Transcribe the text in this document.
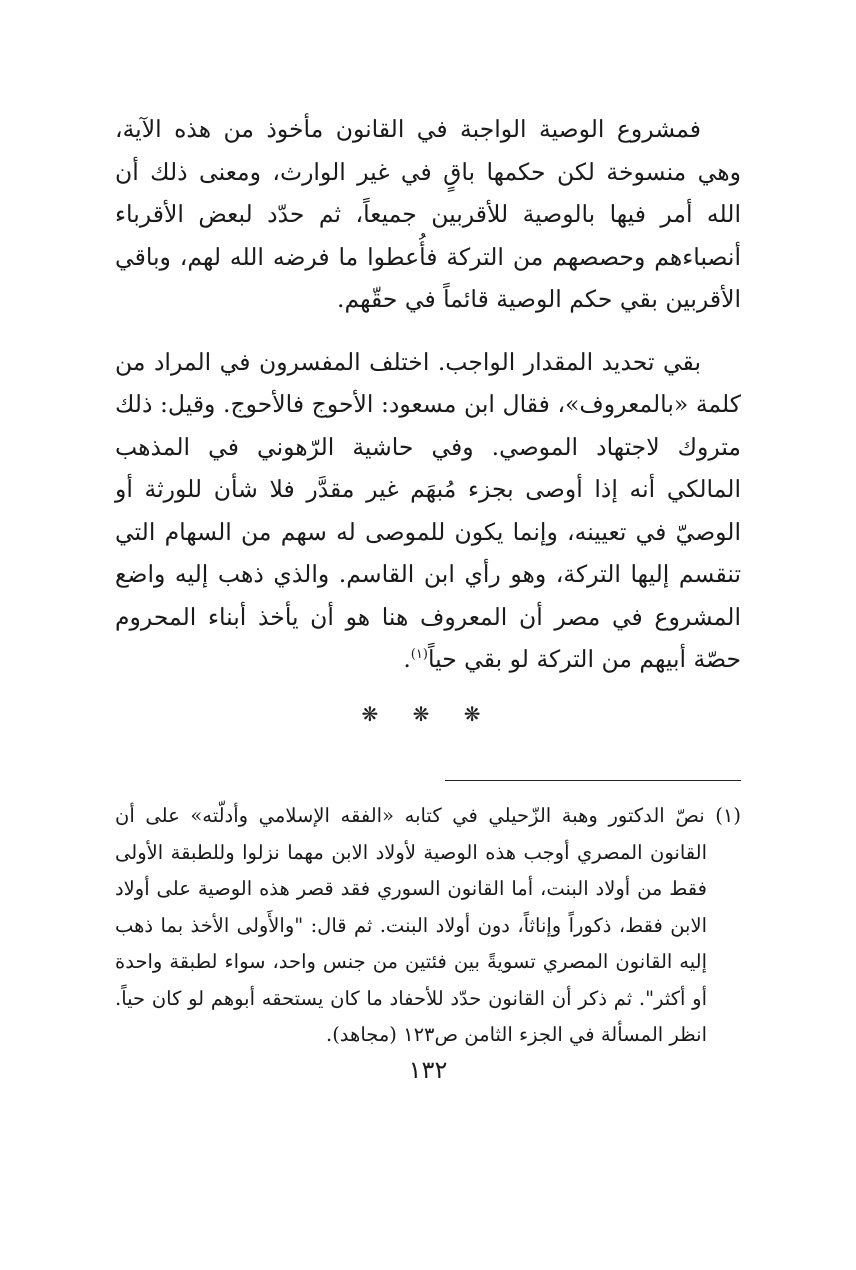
فمشروع الوصية الواجبة في القانون مأخوذ من هذه الآية، وهي منسوخة لكن حكمها باقٍ في غير الوارث، ومعنى ذلك أن الله أمر فيها بالوصية للأقربين جميعاً، ثم حدّد لبعض الأقرباء أنصباءهم وحصصهم من التركة فأُعطوا ما فرضه الله لهم، وباقي الأقربين بقي حكم الوصية قائماً في حقّهم.

بقي تحديد المقدار الواجب. اختلف المفسرون في المراد من كلمة «بالمعروف»، فقال ابن مسعود: الأحوج فالأحوج. وقيل: ذلك متروك لاجتهاد الموصي. وفي حاشية الرّهوني في المذهب المالكي أنه إذا أوصى بجزء مُبهَم غير مقدَّر فلا شأن للورثة أو الوصيّ في تعيينه، وإنما يكون للموصى له سهم من السهام التي تنقسم إليها التركة، وهو رأي ابن القاسم. والذي ذهب إليه واضع المشروع في مصر أن المعروف هنا هو أن يأخذ أبناء المحروم حصّة أبيهم من التركة لو بقي حياً$^{(١)}$.

❋ ❋ ❋

(١) نصّ الدكتور وهبة الزّحيلي في كتابه «الفقه الإسلامي وأدلّته» على أن القانون المصري أوجب هذه الوصية لأولاد الابن مهما نزلوا وللطبقة الأولى فقط من أولاد البنت، أما القانون السوري فقد قصر هذه الوصية على أولاد الابن فقط، ذكوراً وإناثاً، دون أولاد البنت. ثم قال: "والأَولى الأخذ بما ذهب إليه القانون المصري تسويةً بين فئتين من جنس واحد، سواء لطبقة واحدة أو أكثر". ثم ذكر أن القانون حدّد للأحفاد ما كان يستحقه أبوهم لو كان حياً. انظر المسألة في الجزء الثامن ص١٢٣ (مجاهد).

١٣٢
